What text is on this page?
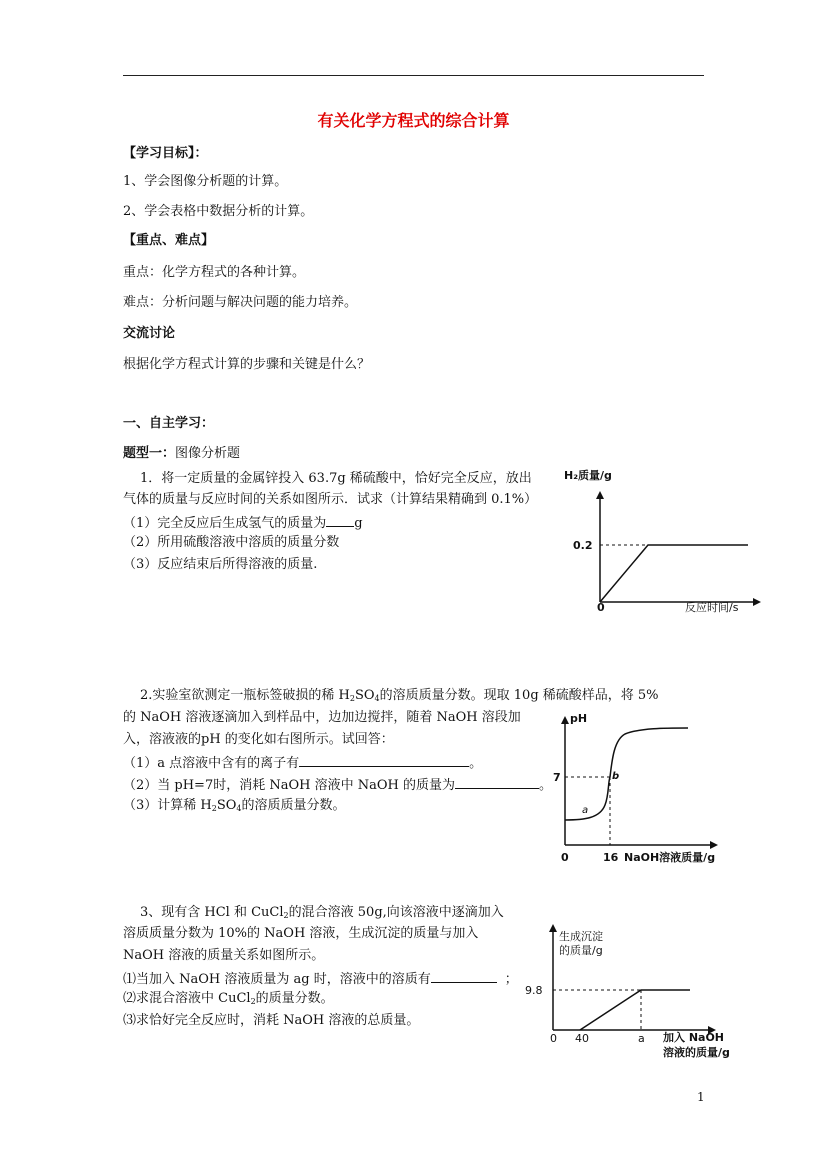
有关化学方程式的综合计算
【学习目标】：
1、学会图像分析题的计算。
2、学会表格中数据分析的计算。
【重点、难点】
重点：化学方程式的各种计算。
难点：分析问题与解决问题的能力培养。
交流讨论
根据化学方程式计算的步骤和关键是什么？
一、自主学习：
题型一：图像分析题
1．将一定质量的金属锌投入 63.7g 稀硫酸中，恰好完全反应，放出
气体的质量与反应时间的关系如图所示．试求（计算结果精确到 0.1%）
（1）完全反应后生成氢气的质量为 g
（2）所用硫酸溶液中溶质的质量分数
（3）反应结束后所得溶液的质量.
H₂质量/g
0
0.2
反应时间/s
2.实验室欲测定一瓶标签破损的稀 $H_2SO_4$的溶质质量分数。现取 10g 稀硫酸样品，将 5%
的 NaOH 溶液逐滴加入到样品中，边加边搅拌，随着 NaOH 溶段加
入，溶液液的pH 的变化如右图所示。试回答：
（1）a 点溶液中含有的离子有	。
（2）当 pH=7时，消耗 NaOH 溶液中 NaOH 的质量为	。
（3）计算稀 $H_2SO_4$的溶质质量分数。
pH
0	16 NaOH溶液质量/g
7
a
b
3、现有含 HCl 和 CuCl$_2$的混合溶液 50g,向该溶液中逐滴加入
溶质质量分数为 10%的 NaOH 溶液，生成沉淀的质量与加入
NaOH 溶液的质量关系如图所示。
⑴当加入 NaOH 溶液质量为 ag 时，溶液中的溶质有	；
⑵求混合溶液中 CuCl$_2$的质量分数。
⑶求恰好完全反应时，消耗 NaOH 溶液的总质量。
生成沉淀
的质量/g
9.8
0 40	a 加入 NaOH
溶液的质量/g
1
